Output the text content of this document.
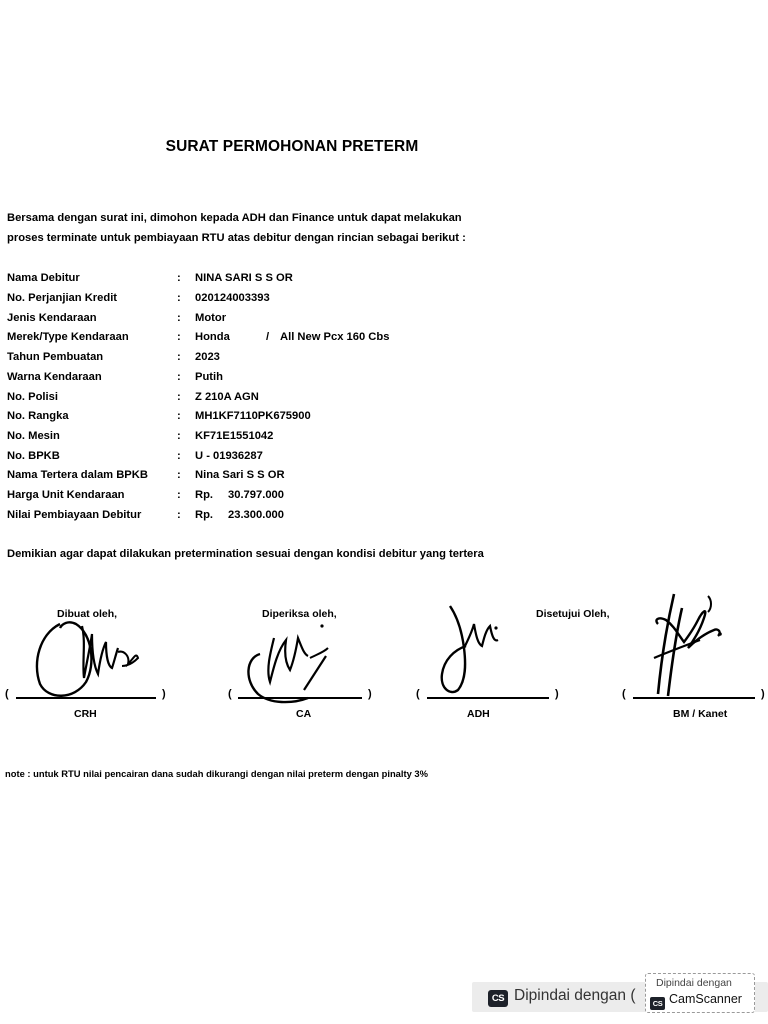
SURAT PERMOHONAN PRETERM
Bersama dengan surat ini, dimohon kepada ADH dan Finance untuk dapat melakukan
proses terminate untuk pembiayaan RTU atas debitur dengan rincian sebagai berikut :
Nama Debitur	: NINA SARI S S OR
No. Perjanjian Kredit	: 020124003393
Jenis Kendaraan	: Motor
Merek/Type Kendaraan	: Honda	/ All New Pcx 160 Cbs
Tahun Pembuatan	: 2023
Warna Kendaraan	: Putih
No. Polisi	: Z 210A AGN
No. Rangka	: MH1KF7110PK675900
No. Mesin	: KF71E1551042
No. BPKB	: U - 01936287
Nama Tertera dalam BPKB	: Nina Sari S S OR
Harga Unit Kendaraan	: Rp. 30.797.000
Nilai Pembiayaan Debitur	: Rp. 23.300.000
Demikian agar dapat dilakukan pretermination sesuai dengan kondisi debitur yang tertera
Dibuat oleh,	Diperiksa oleh,	Disetujui Oleh,
(	)	(	)	(	)	(	)
CRH	CA	ADH	BM / Kanet
note : untuk RTU nilai pencairan dana sudah dikurangi dengan nilai preterm dengan pinalty 3%
CS Dipindai dengan (
Dipindai dengan
CS CamScanner
